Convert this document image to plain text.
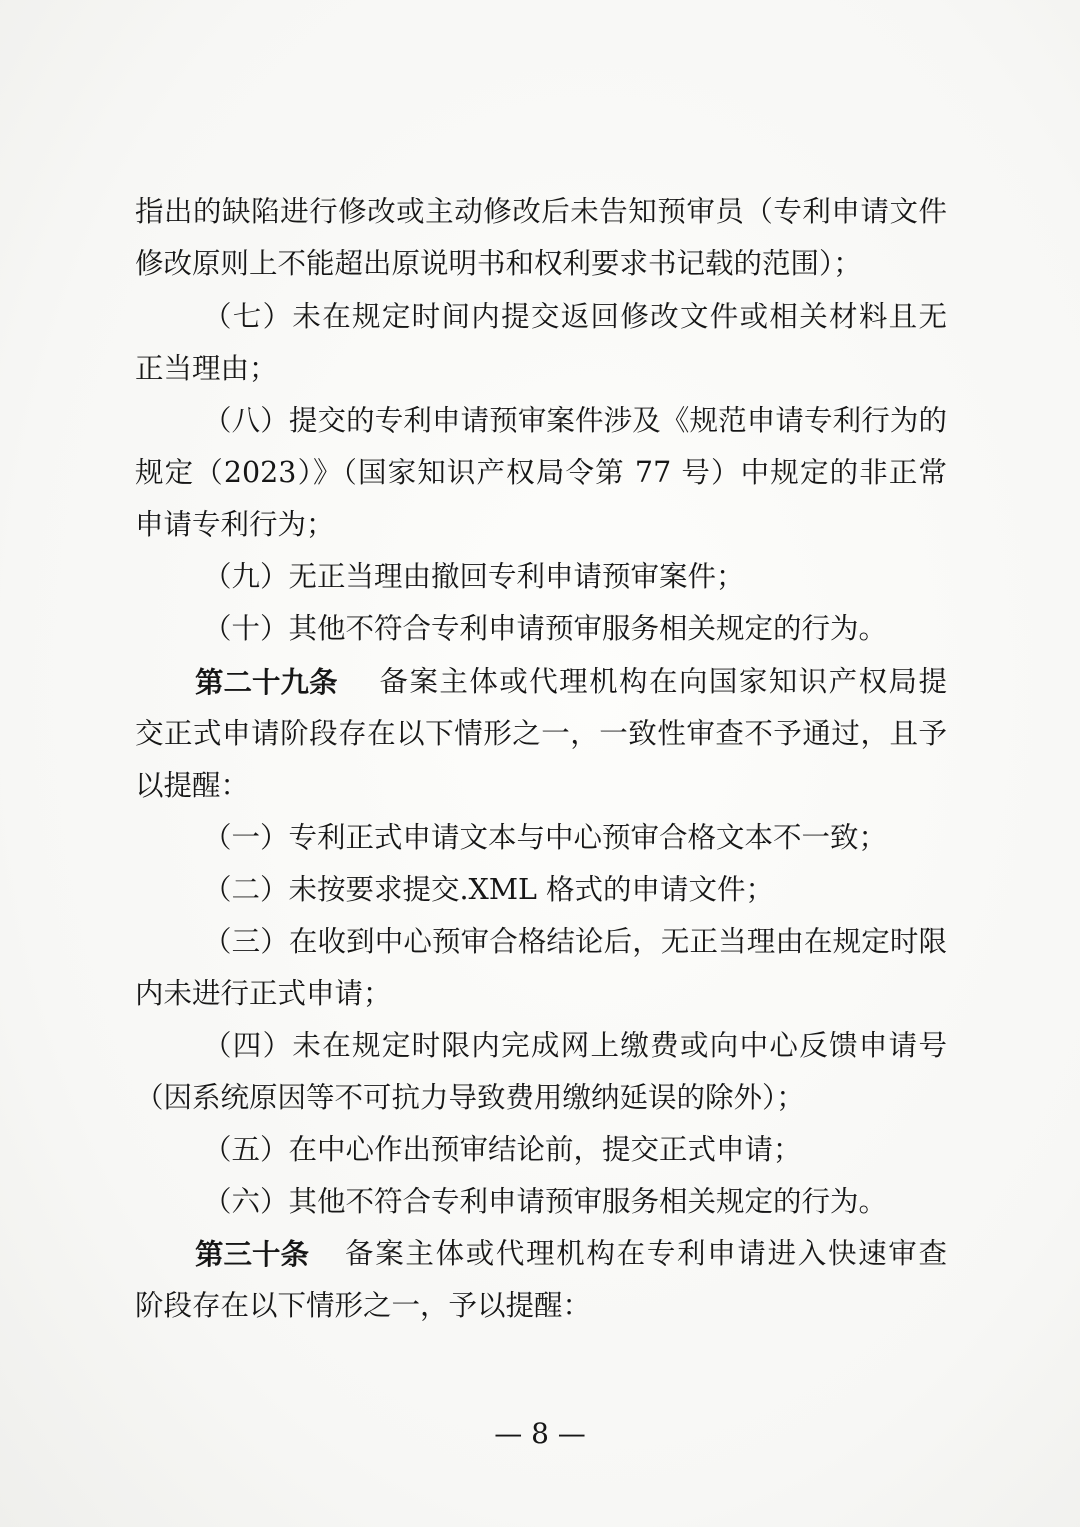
指出的缺陷进行修改或主动修改后未告知预审员（专利申请文件
修改原则上不能超出原说明书和权利要求书记载的范围）；
（七）未在规定时间内提交返回修改文件或相关材料且无
正当理由；
（八）提交的专利申请预审案件涉及《规范申请专利行为的
规定（2023）》（国家知识产权局令第 77 号）中规定的非正常
申请专利行为；
（九）无正当理由撤回专利申请预审案件；
（十）其他不符合专利申请预审服务相关规定的行为。
第二十九条 备案主体或代理机构在向国家知识产权局提
交正式申请阶段存在以下情形之一，一致性审查不予通过，且予
以提醒：
（一）专利正式申请文本与中心预审合格文本不一致；
（二）未按要求提交.XML 格式的申请文件；
（三）在收到中心预审合格结论后，无正当理由在规定时限
内未进行正式申请；
（四）未在规定时限内完成网上缴费或向中心反馈申请号
（因系统原因等不可抗力导致费用缴纳延误的除外）；
（五）在中心作出预审结论前，提交正式申请；
（六）其他不符合专利申请预审服务相关规定的行为。
第三十条 备案主体或代理机构在专利申请进入快速审查
阶段存在以下情形之一，予以提醒：
— 8 —
